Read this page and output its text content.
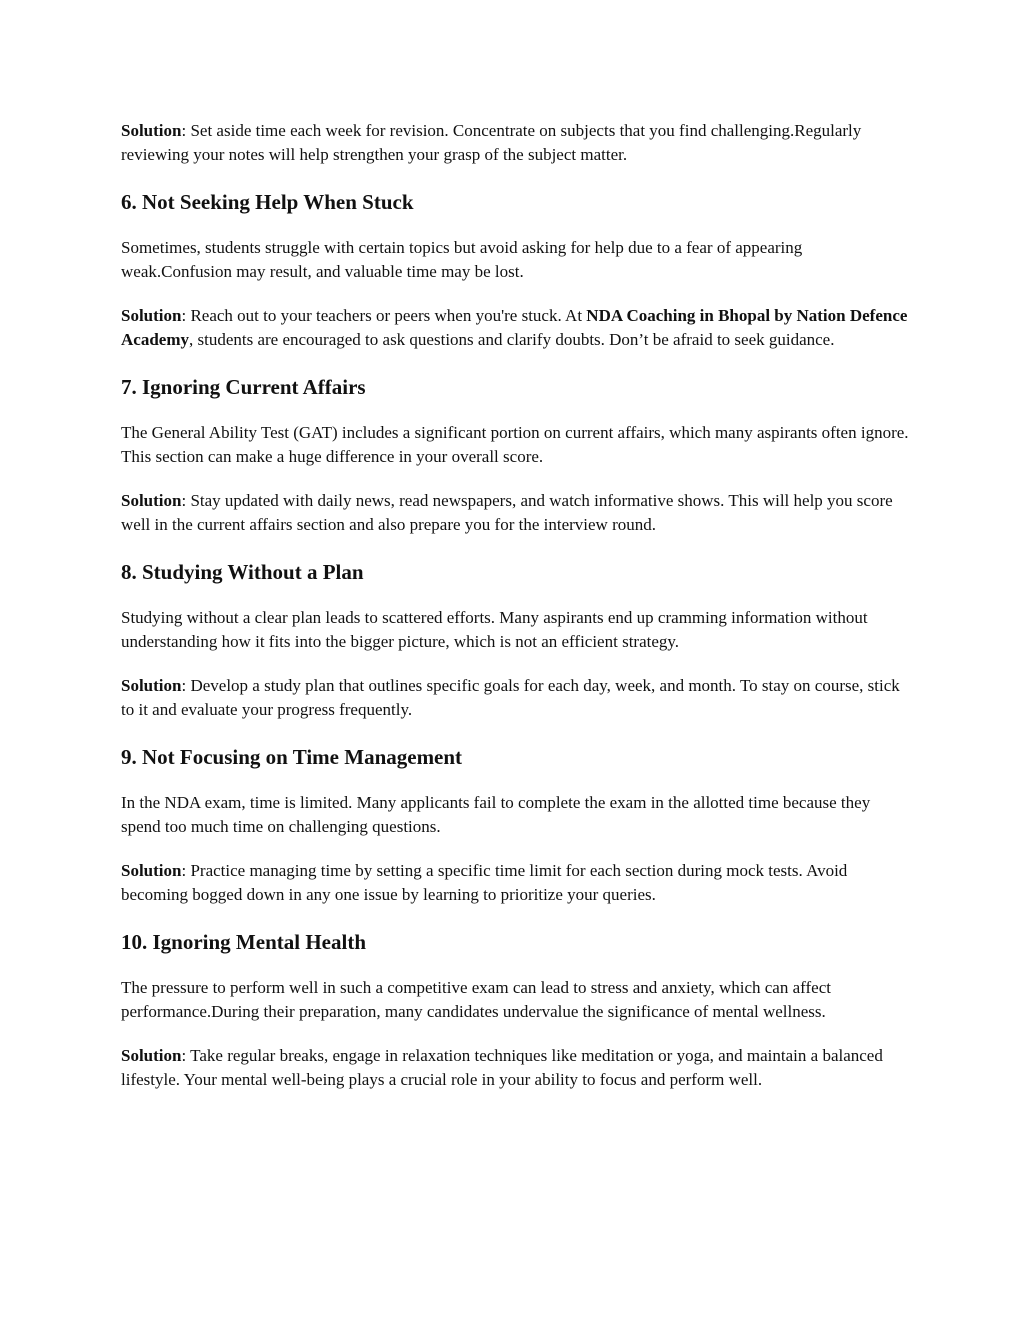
Solution: Set aside time each week for revision. Concentrate on subjects that you find challenging.Regularly reviewing your notes will help strengthen your grasp of the subject matter.

6. Not Seeking Help When Stuck

Sometimes, students struggle with certain topics but avoid asking for help due to a fear of appearing weak.Confusion may result, and valuable time may be lost.

Solution: Reach out to your teachers or peers when you're stuck. At NDA Coaching in Bhopal by Nation Defence Academy, students are encouraged to ask questions and clarify doubts. Don’t be afraid to seek guidance.

7. Ignoring Current Affairs

The General Ability Test (GAT) includes a significant portion on current affairs, which many aspirants often ignore. This section can make a huge difference in your overall score.

Solution: Stay updated with daily news, read newspapers, and watch informative shows. This will help you score well in the current affairs section and also prepare you for the interview round.

8. Studying Without a Plan

Studying without a clear plan leads to scattered efforts. Many aspirants end up cramming information without understanding how it fits into the bigger picture, which is not an efficient strategy.

Solution: Develop a study plan that outlines specific goals for each day, week, and month. To stay on course, stick to it and evaluate your progress frequently.

9. Not Focusing on Time Management

In the NDA exam, time is limited. Many applicants fail to complete the exam in the allotted time because they spend too much time on challenging questions.

Solution: Practice managing time by setting a specific time limit for each section during mock tests. Avoid becoming bogged down in any one issue by learning to prioritize your queries.

10. Ignoring Mental Health

The pressure to perform well in such a competitive exam can lead to stress and anxiety, which can affect performance.During their preparation, many candidates undervalue the significance of mental wellness.

Solution: Take regular breaks, engage in relaxation techniques like meditation or yoga, and maintain a balanced lifestyle. Your mental well-being plays a crucial role in your ability to focus and perform well.
